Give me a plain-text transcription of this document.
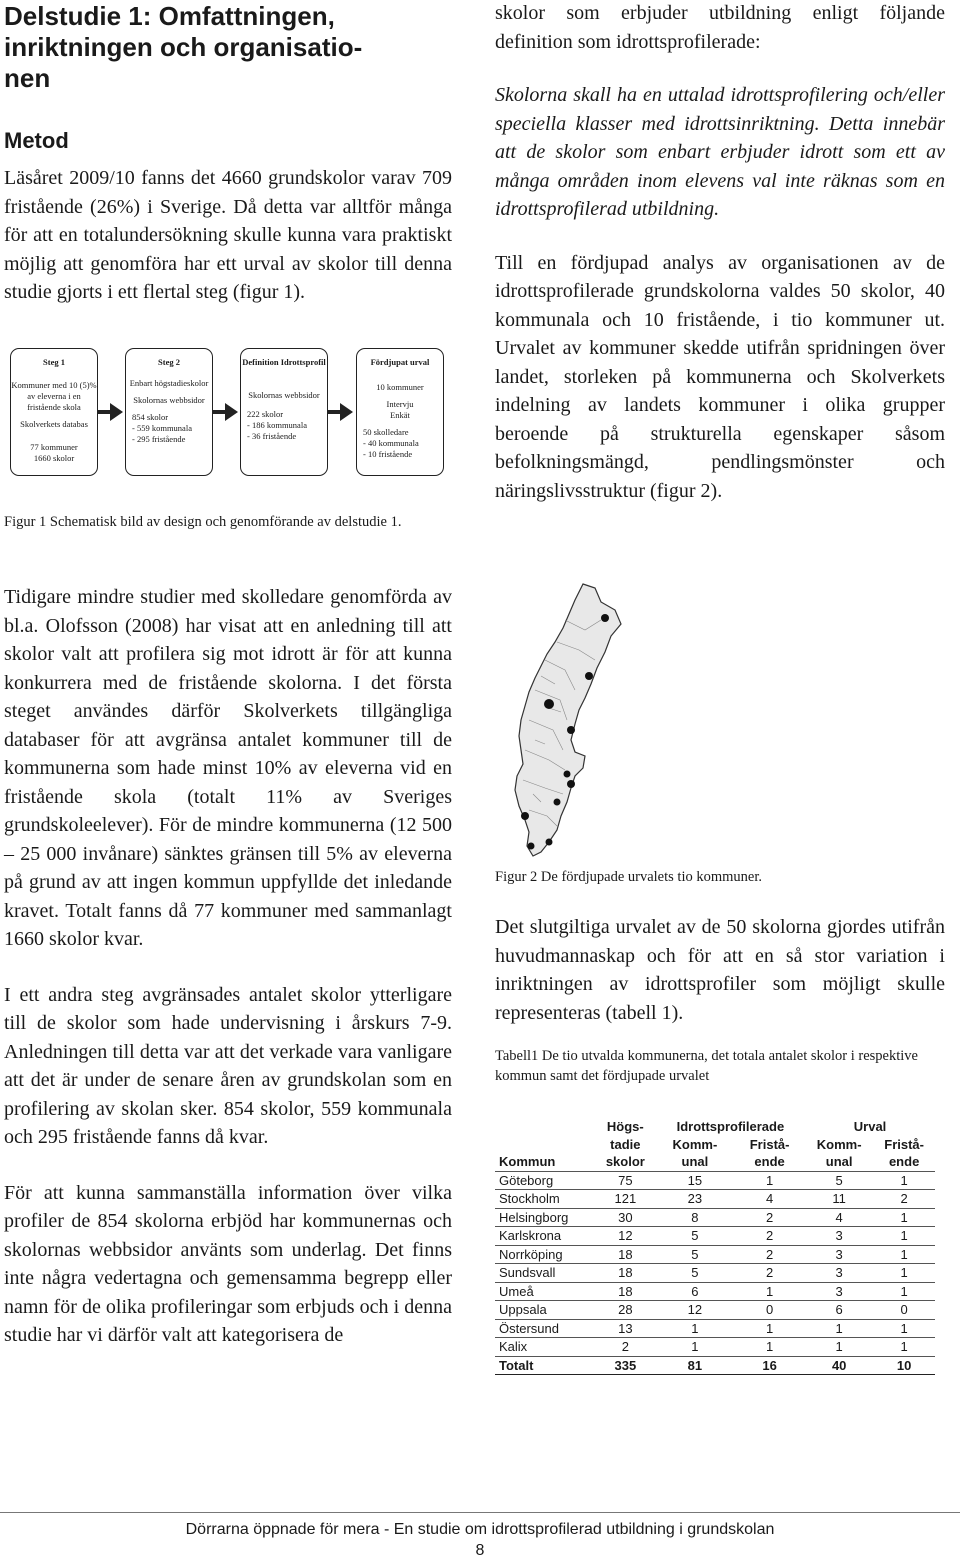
Delstudie 1: Omfattningen,
inriktningen och organisatio-
nen
Metod

Läsåret 2009/10 fanns det 4660 grundskolor varav 709 fristående (26%) i Sverige. Då detta var alltför många för att en totalundersökning skulle kunna vara praktiskt möjlig att genomföra har ett urval av skolor till denna studie gjorts i ett flertal steg (figur 1).

Steg 1
Kommuner med 10 (5)% av eleverna i en fristående skola
Skolverkets databas
77 kommuner
1660 skolor
Steg 2
Enbart högstadieskolor
Skolornas webbsidor
854 skolor
- 559 kommunala
- 295 fristående
Definition Idrottsprofil
Skolornas webbsidor
222 skolor
- 186 kommunala
- 36 fristående
Fördjupat urval
10 kommuner
Intervju
Enkät
50 skolledare
- 40 kommunala
- 10 fristående

Figur 1 Schematisk bild av design och genomförande av delstudie 1.

Tidigare mindre studier med skolledare genomförda av bl.a. Olofsson (2008) har visat att en anledning till att skolor valt att profilera sig mot idrott är för att kunna konkurrera med de fristående skolorna. I det första steget användes därför Skolverkets tillgängliga databaser för att avgränsa antalet kommuner till de kommunerna som hade minst 10% av eleverna vid en fristående skola (totalt 11% av Sveriges grundskoleelever). För de mindre kommunerna (12 500 – 25 000 invånare) sänktes gränsen till 5% av eleverna på grund av att ingen kommun uppfyllde det inledande kravet. Totalt fanns då 77 kommuner med sammanlagt 1660 skolor kvar.

I ett andra steg avgränsades antalet skolor ytterligare till de skolor som hade undervisning i årskurs 7-9. Anledningen till detta var att det verkade vara vanligare att det är under de senare åren av grundskolan som en profilering av skolan sker. 854 skolor, 559 kommunala och 295 fristående fanns då kvar.

För att kunna sammanställa information över vilka profiler de 854 skolorna erbjöd har kommunernas och skolornas webbsidor använts som underlag. Det finns inte några vedertagna och gemensamma begrepp eller namn för de olika profileringar som erbjuds och i denna studie har vi därför valt att kategorisera de

skolor som erbjuder utbildning enligt följande definition som idrottsprofilerade:

Skolorna skall ha en uttalad idrottsprofilering och/eller speciella klasser med idrottsinriktning. Detta innebär att de skolor som enbart erbjuder idrott som ett av många områden inom elevens val inte räknas som en idrottsprofilerad utbildning.

Till en fördjupad analys av organisationen av de idrottsprofilerade grundskolorna valdes 50 skolor, 40 kommunala och 10 fristående, i tio kommuner ut. Urvalet av kommuner skedde utifrån spridningen över landet, storleken på kommunerna och Skolverkets indelning av landets kommuner i olika grupper beroende på strukturella egenskaper såsom befolkningsmängd, pendlingsmönster och näringslivsstruktur (figur 2).

Figur 2 De fördjupade urvalets tio kommuner.

Det slutgiltiga urvalet av de 50 skolorna gjordes utifrån huvudmannaskap och för att en så stor variation i inriktningen av idrottsprofiler som möjligt skulle representeras (tabell 1).

Tabell1 De tio utvalda kommunerna, det totala antalet skolor i respektive kommun samt det fördjupade urvalet

	Högs-	Idrottsprofilerade		Urval	
	tadie	Komm-	Fristå-	Komm-	Fristå-
Kommun	skolor	unal	ende	unal	ende
Göteborg	75	15	1	5	1
Stockholm	121	23	4	11	2
Helsingborg	30	8	2	4	1
Karlskrona	12	5	2	3	1
Norrköping	18	5	2	3	1
Sundsvall	18	5	2	3	1
Umeå	18	6	1	3	1
Uppsala	28	12	0	6	0
Östersund	13	1	1	1	1
Kalix	2	1	1	1	1
Totalt	335	81	16	40	10
Dörrarna öppnade för mera - En studie om idrottsprofilerad utbildning i grundskolan
8
